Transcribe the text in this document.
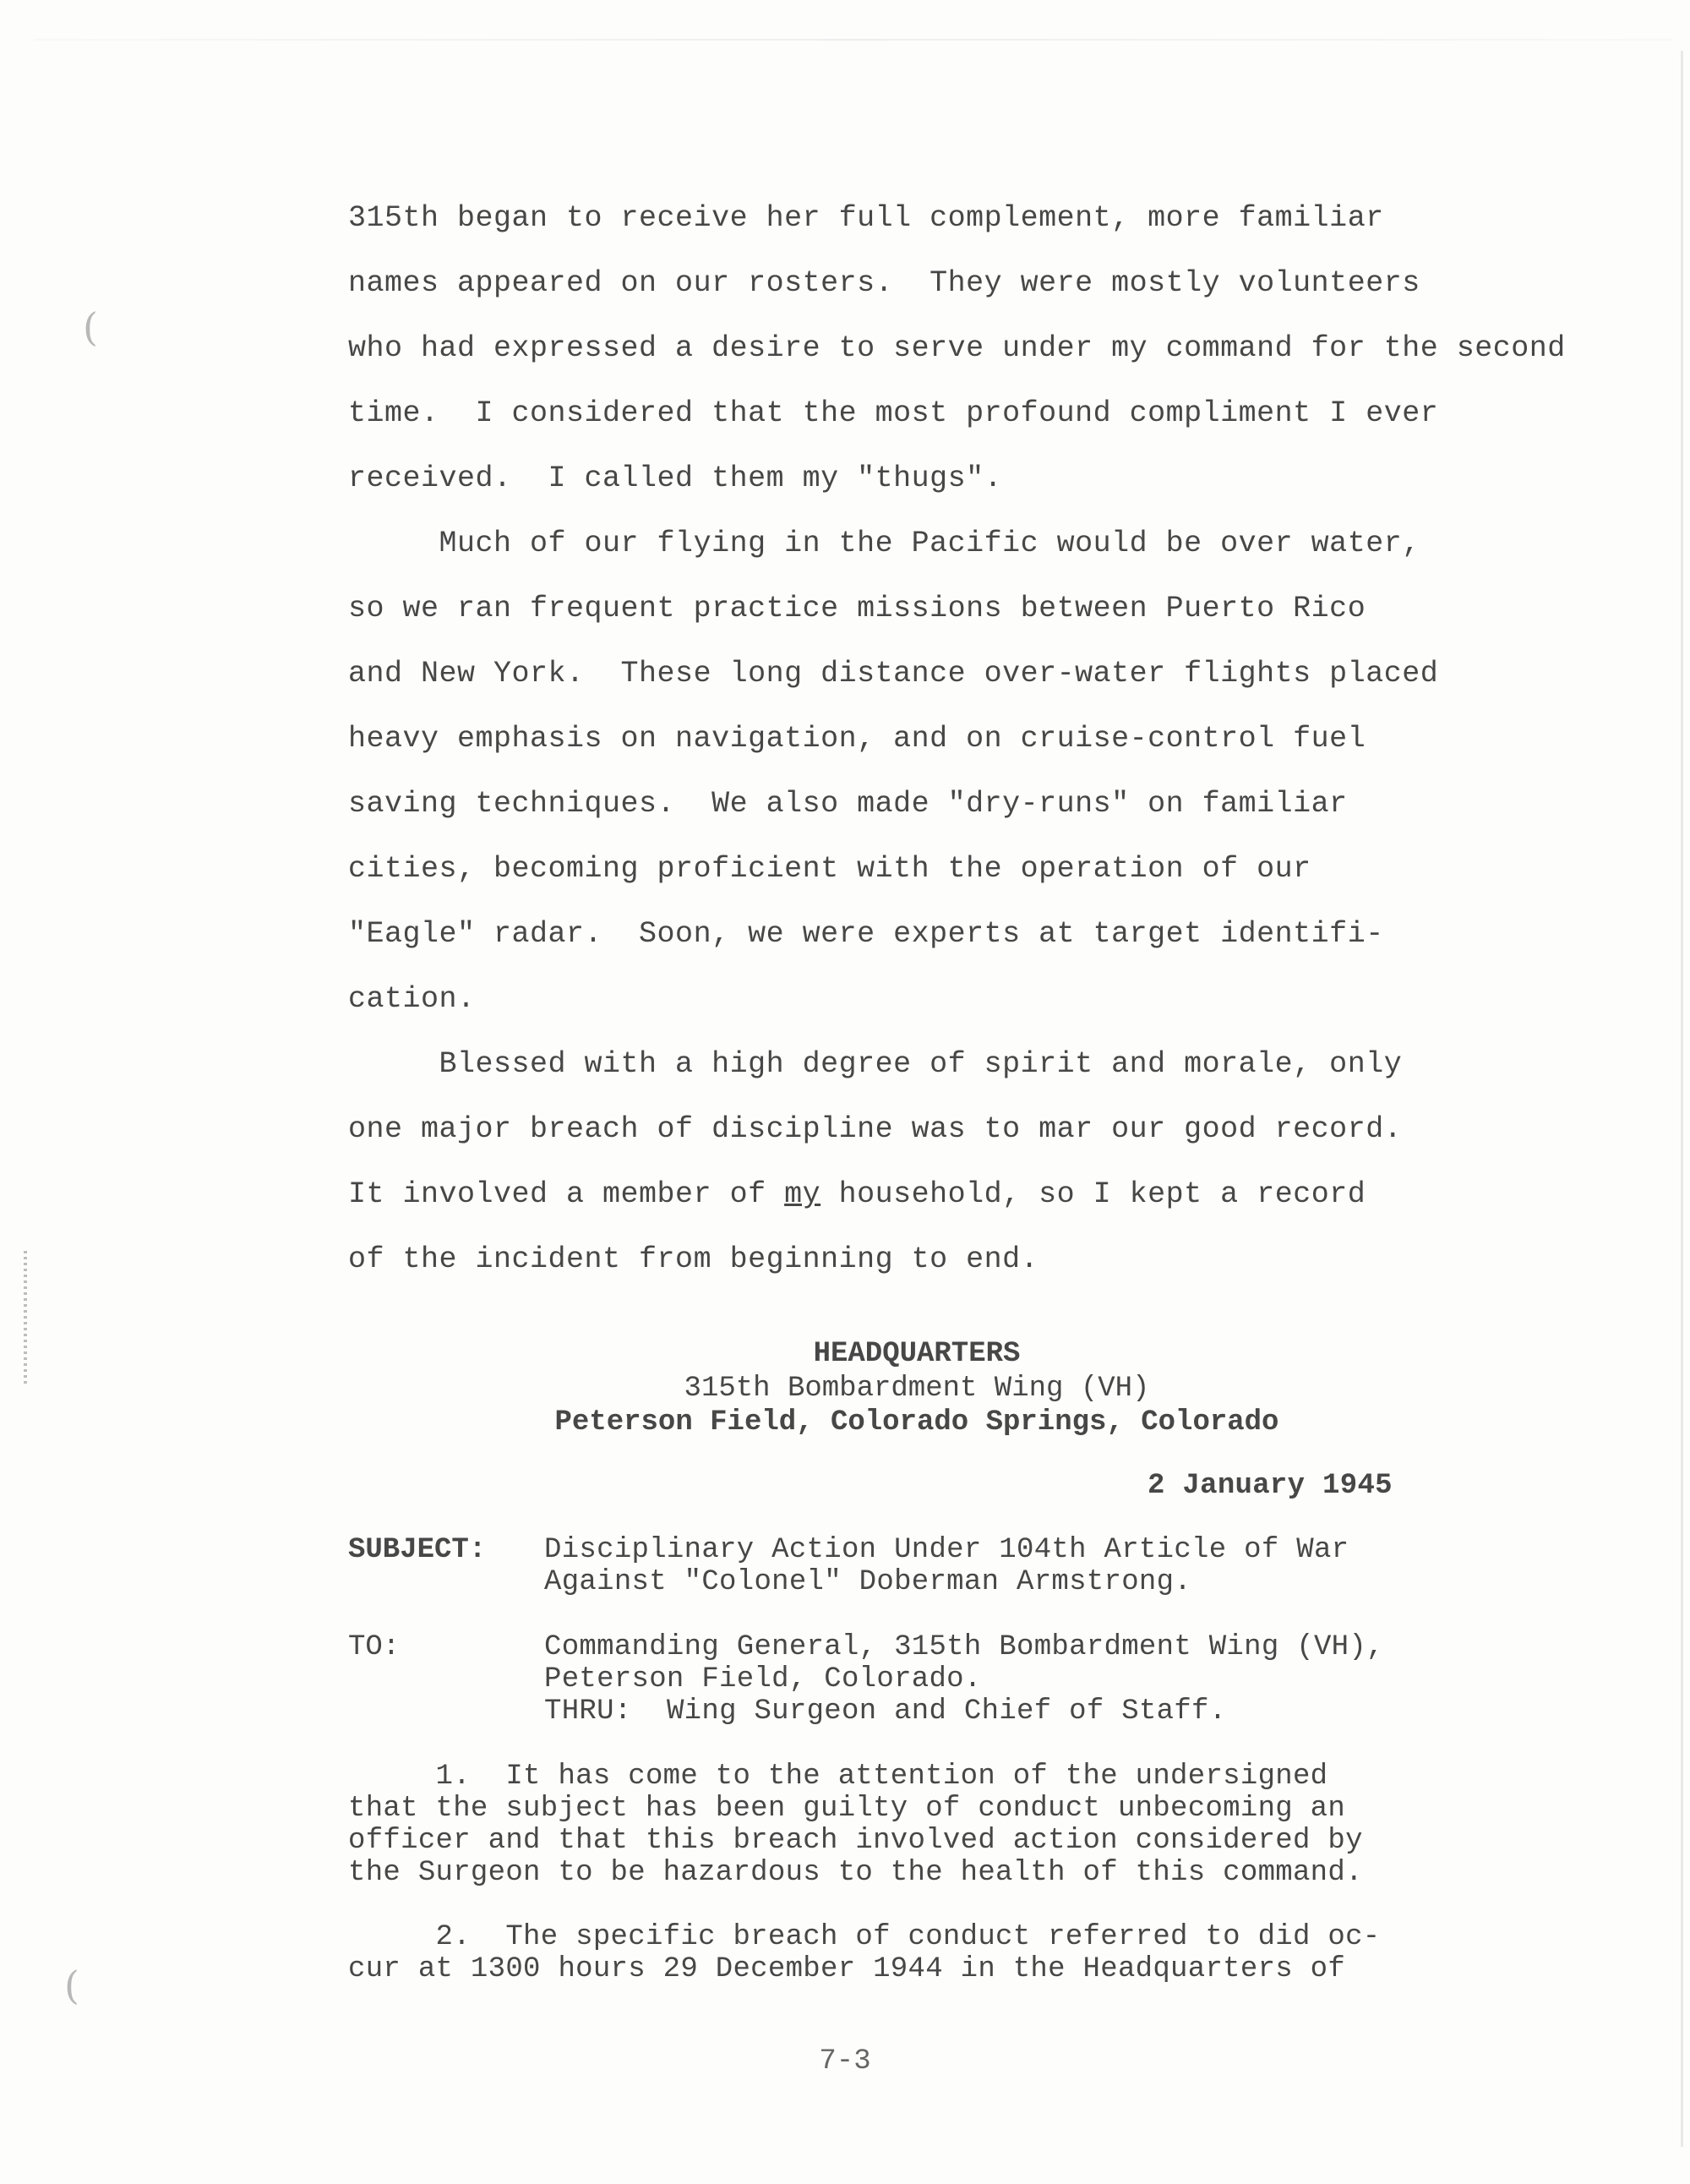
(
(
315th began to receive her full complement, more familiar
names appeared on our rosters.  They were mostly volunteers
who had expressed a desire to serve under my command for the second
time.  I considered that the most profound compliment I ever
received.  I called them my "thugs".
Much of our flying in the Pacific would be over water,
so we ran frequent practice missions between Puerto Rico
and New York.  These long distance over-water flights placed
heavy emphasis on navigation, and on cruise-control fuel
saving techniques.  We also made "dry-runs" on familiar
cities, becoming proficient with the operation of our
"Eagle" radar.  Soon, we were experts at target identifi-
cation.
Blessed with a high degree of spirit and morale, only
one major breach of discipline was to mar our good record.
It involved a member of my household, so I kept a record
of the incident from beginning to end.
HEADQUARTERS
315th Bombardment Wing (VH)
Peterson Field, Colorado Springs, Colorado
2 January 1945
SUBJECT: Disciplinary Action Under 104th Article of War
Against "Colonel" Doberman Armstrong.
TO:	Commanding General, 315th Bombardment Wing (VH),
Peterson Field, Colorado.
THRU: Wing Surgeon and Chief of Staff.
1.  It has come to the attention of the undersigned
that the subject has been guilty of conduct unbecoming an
officer and that this breach involved action considered by
the Surgeon to be hazardous to the health of this command.
2.  The specific breach of conduct referred to did oc-
cur at 1300 hours 29 December 1944 in the Headquarters of
7-3
